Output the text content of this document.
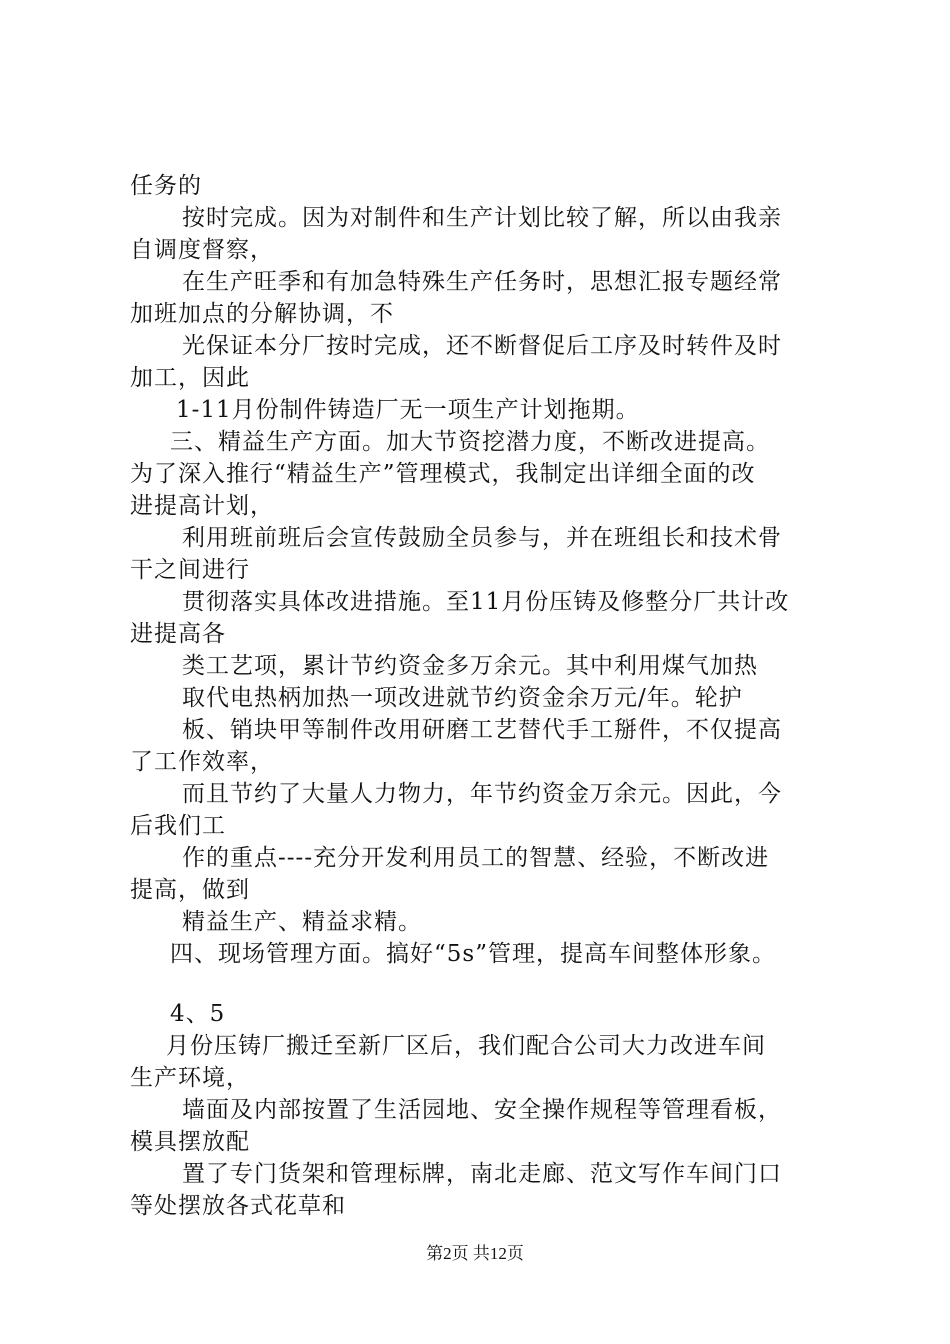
任务的
按时完成。因为对制件和生产计划比较了解，所以由我亲
自调度督察，
在生产旺季和有加急特殊生产任务时，思想汇报专题经常
加班加点的分解协调，不
光保证本分厂按时完成，还不断督促后工序及时转件及时
加工，因此
1-11月份制件铸造厂无一项生产计划拖期。
三、精益生产方面。加大节资挖潜力度，不断改进提高。
为了深入推行“精益生产”管理模式，我制定出详细全面的改
进提高计划，
利用班前班后会宣传鼓励全员参与，并在班组长和技术骨
干之间进行
贯彻落实具体改进措施。至11月份压铸及修整分厂共计改
进提高各
类工艺项，累计节约资金多万余元。其中利用煤气加热
取代电热柄加热一项改进就节约资金余万元/年。轮护
板、销块甲等制件改用研磨工艺替代手工掰件，不仅提高
了工作效率，
而且节约了大量人力物力，年节约资金万余元。因此，今
后我们工
作的重点----充分开发利用员工的智慧、经验，不断改进
提高，做到
精益生产、精益求精。
四、现场管理方面。搞好“5s”管理，提高车间整体形象。
4、5
月份压铸厂搬迁至新厂区后，我们配合公司大力改进车间
生产环境，
墙面及内部按置了生活园地、安全操作规程等管理看板，
模具摆放配
置了专门货架和管理标牌，南北走廊、范文写作车间门口
等处摆放各式花草和
第2页 共12页
